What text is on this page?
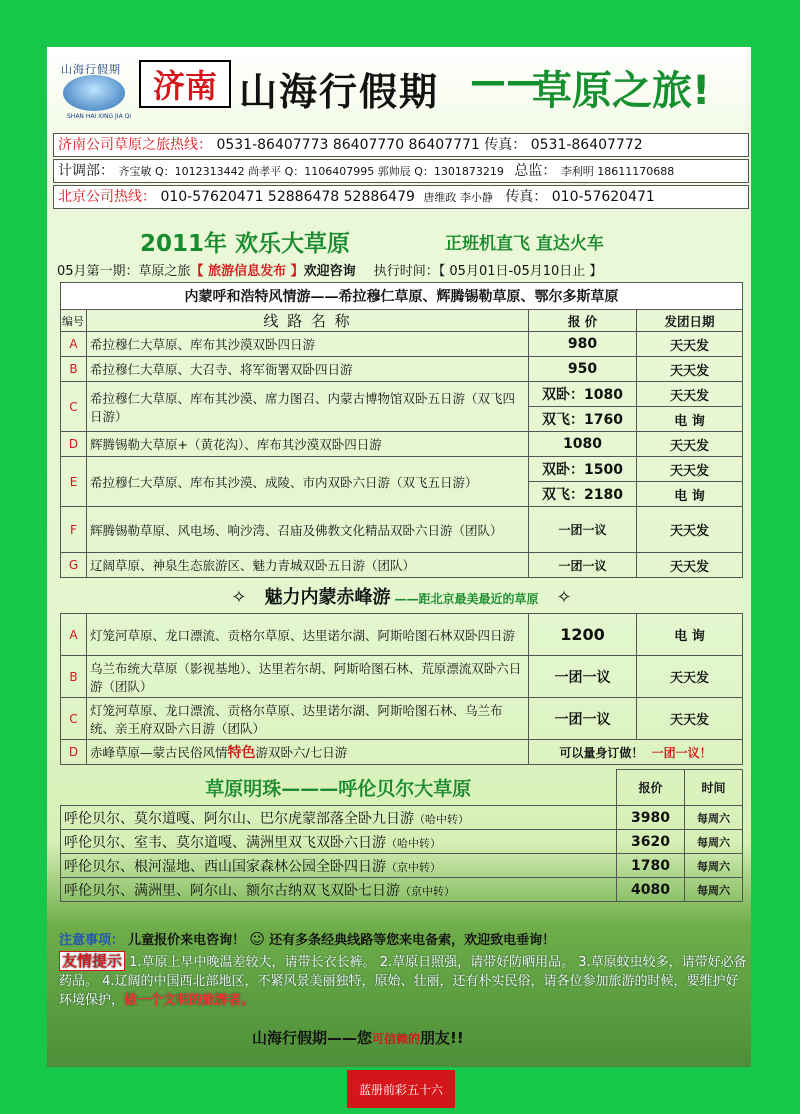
山海行假期
SHAN HAI XING JIA QI
济南 山海行假期 ——
草原之旅!
济南公司草原之旅热线： 0531-86407773 86407770 86407771 传真： 0531-86407772
计调部： 齐宝敏 Q：1012313442 尚孝平 Q：1106407995 郭帅辰 Q：1301873219 总监： 李利明 18611170688
北京公司热线： 010-57620471 52886478 52886479 唐维政 李小静 传真： 010-57620471
2011年 欢乐大草原	正班机直飞 直达火车
05月第一期：草原之旅【 旅游信息发布 】欢迎咨询 执行时间：【 05月01日-05月10日止 】
内蒙呼和浩特风情游——希拉穆仁草原、辉腾锡勒草原、鄂尔多斯草原			
编号	线 路 名 称	报 价	发团日期
A	希拉穆仁大草原、库布其沙漠双卧四日游	980	天天发
B	希拉穆仁大草原、大召寺、将军衙署双卧四日游	950	天天发
C	希拉穆仁大草原、库布其沙漠、席力图召、内蒙古博物馆双卧五日游（双飞四日游）	双卧：1080	天天发
		双飞：1760	电 询
D	辉腾锡勒大草原+（黄花沟）、库布其沙漠双卧四日游	1080	天天发
E	希拉穆仁大草原、库布其沙漠、成陵、市内双卧六日游（双飞五日游）	双卧：1500	天天发
		双飞：2180	电 询
F	辉腾锡勒草原、风电场、响沙湾、召庙及佛教文化精品双卧六日游（团队）	一团一议	天天发
G	辽阔草原、神泉生态旅游区、魅力青城双卧五日游（团队）	一团一议	天天发
✧ 魅力内蒙赤峰游 ——距北京最美最近的草原 ✧			
A	灯笼河草原、龙口漂流、贡格尔草原、达里诺尔湖、阿斯哈图石林双卧四日游	1200	电 询
B	乌兰布统大草原（影视基地）、达里若尔胡、阿斯哈图石林、荒原漂流双卧六日游（团队）	一团一议	天天发
C	灯笼河草原、龙口漂流、贡格尔草原、达里诺尔湖、阿斯哈图石林、乌兰布统、亲王府双卧六日游（团队）	一团一议	天天发
D	赤峰草原—蒙古民俗风情特色游双卧六/七日游	可以量身订做！ 一团一议！	
草原明珠———呼伦贝尔大草原	报价	时间
呼伦贝尔、莫尔道嘎、阿尔山、巴尔虎蒙部落全卧九日游（哈中转）	3980	每周六
呼伦贝尔、室韦、莫尔道嘎、满洲里双飞双卧六日游（哈中转）	3620	每周六
呼伦贝尔、根河湿地、西山国家森林公园全卧四日游（京中转）	1780	每周六
呼伦贝尔、满洲里、阿尔山、额尔古纳双飞双卧七日游（京中转）	4080	每周六
注意事项： 儿童报价来电咨询！ ☺ 还有多条经典线路等您来电备索，欢迎致电垂询！
友情提示 1.草原上早中晚温差较大，请带长衣长裤。 2.草原日照强，请带好防晒用品。 3.草原蚊虫较多，请带好必备药品。 4.辽阔的中国西北部地区，不紧风景美丽独特，原始、壮丽，还有朴实民俗，请各位参加旅游的时候，要维护好环境保护，做一个文明的旅游者。
山海行假期——您可信赖的朋友!!
蓝册前彩五十六
